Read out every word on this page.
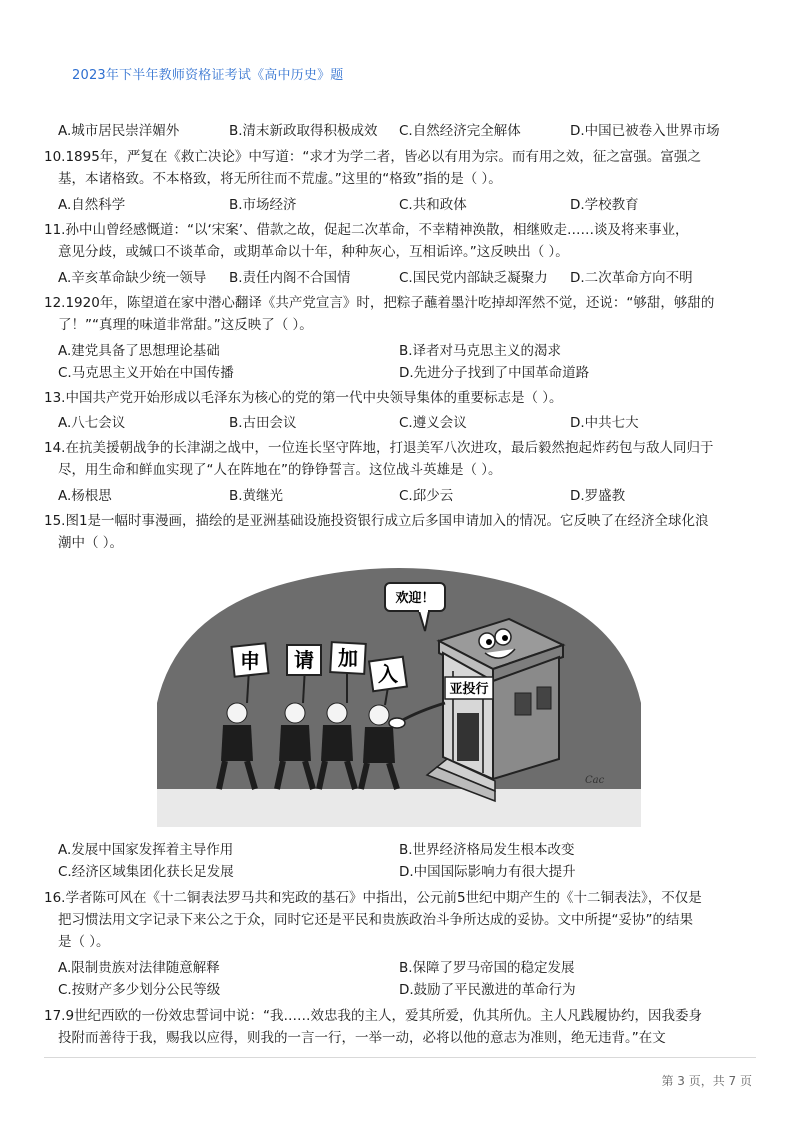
2023年下半年教师资格证考试《高中历史》题
A.城市居民崇洋媚外	B.清末新政取得积极成效 C.自然经济完全解体	D.中国已被卷入世界市场
10.1895年，严复在《救亡决论》中写道：“求才为学二者，皆必以有用为宗。而有用之效，征之富强。富强之
基，本诸格致。不本格致，将无所往而不荒虚。”这里的“格致”指的是（ ）。
A.自然科学	B.市场经济	C.共和政体	D.学校教育
11.孙中山曾经感慨道：“以‘宋案’、借款之故，促起二次革命，不幸精神涣散，相继败走……谈及将来事业，
意见分歧，或缄口不谈革命，或期革命以十年，种种灰心，互相诟谇。”这反映出（ ）。
A.辛亥革命缺少统一领导 B.责任内阁不合国情	C.国民党内部缺乏凝聚力 D.二次革命方向不明
12.1920年，陈望道在家中潜心翻译《共产党宣言》时，把粽子蘸着墨汁吃掉却浑然不觉，还说：“够甜，够甜的
了！”“真理的味道非常甜。”这反映了（ ）。
A.建党具备了思想理论基础	B.译者对马克思主义的渴求
C.马克思主义开始在中国传播	D.先进分子找到了中国革命道路
13.中国共产党开始形成以毛泽东为核心的党的第一代中央领导集体的重要标志是（ ）。
A.八七会议	B.古田会议	C.遵义会议	D.中共七大
14.在抗美援朝战争的长津湖之战中，一位连长坚守阵地，打退美军八次进攻，最后毅然抱起炸药包与敌人同归于
尽，用生命和鲜血实现了“人在阵地在”的铮铮誓言。这位战斗英雄是（ ）。
A.杨根思	B.黄继光	C.邱少云	D.罗盛教
15.图1是一幅时事漫画，描绘的是亚洲基础设施投资银行成立后多国申请加入的情况。它反映了在经济全球化浪
潮中（ ）。
欢迎！
亚投行
申 请 加
入
Cac
A.发展中国家发挥着主导作用	B.世界经济格局发生根本改变
C.经济区域集团化获长足发展	D.中国国际影响力有很大提升
16.学者陈可风在《十二铜表法罗马共和宪政的基石》中指出，公元前5世纪中期产生的《十二铜表法》，不仅是
把习惯法用文字记录下来公之于众，同时它还是平民和贵族政治斗争所达成的妥协。文中所提“妥协”的结果
是（ ）。
A.限制贵族对法律随意解释	B.保障了罗马帝国的稳定发展
C.按财产多少划分公民等级	D.鼓励了平民激进的革命行为
17.9世纪西欧的一份效忠誓词中说：“我……效忠我的主人，爱其所爱，仇其所仇。主人凡践履协约，因我委身
投附而善待于我，赐我以应得，则我的一言一行，一举一动，必将以他的意志为准则，绝无违背。”在文
第 3 页，共 7 页
